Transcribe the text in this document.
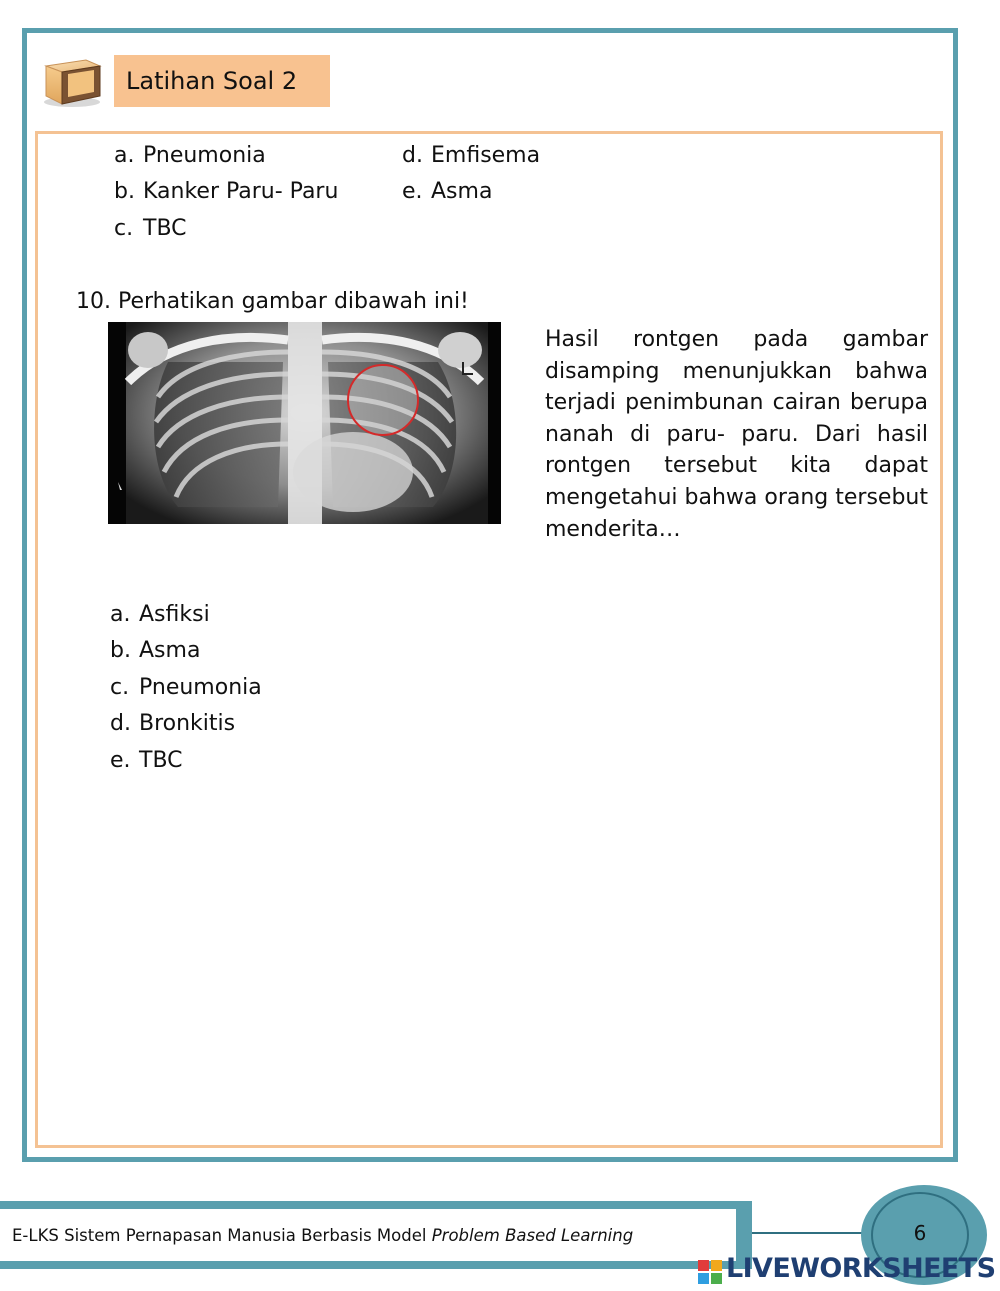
Latihan Soal 2
a. Pneumonia
b. Kanker Paru- Paru
c. TBC
d. Emfisema
e. Asma
10. Perhatikan gambar dibawah ini!
Hasil rontgen pada gambar disamping menunjukkan bahwa terjadi penimbunan cairan berupa nanah di paru- paru. Dari hasil rontgen tersebut kita dapat mengetahui bahwa orang tersebut menderita…
a. Asfiksi
b. Asma
c. Pneumonia
d. Bronkitis
e. TBC
E-LKS Sistem Pernapasan Manusia Berbasis Model Problem Based Learning	6
LIVEWORKSHEETS
